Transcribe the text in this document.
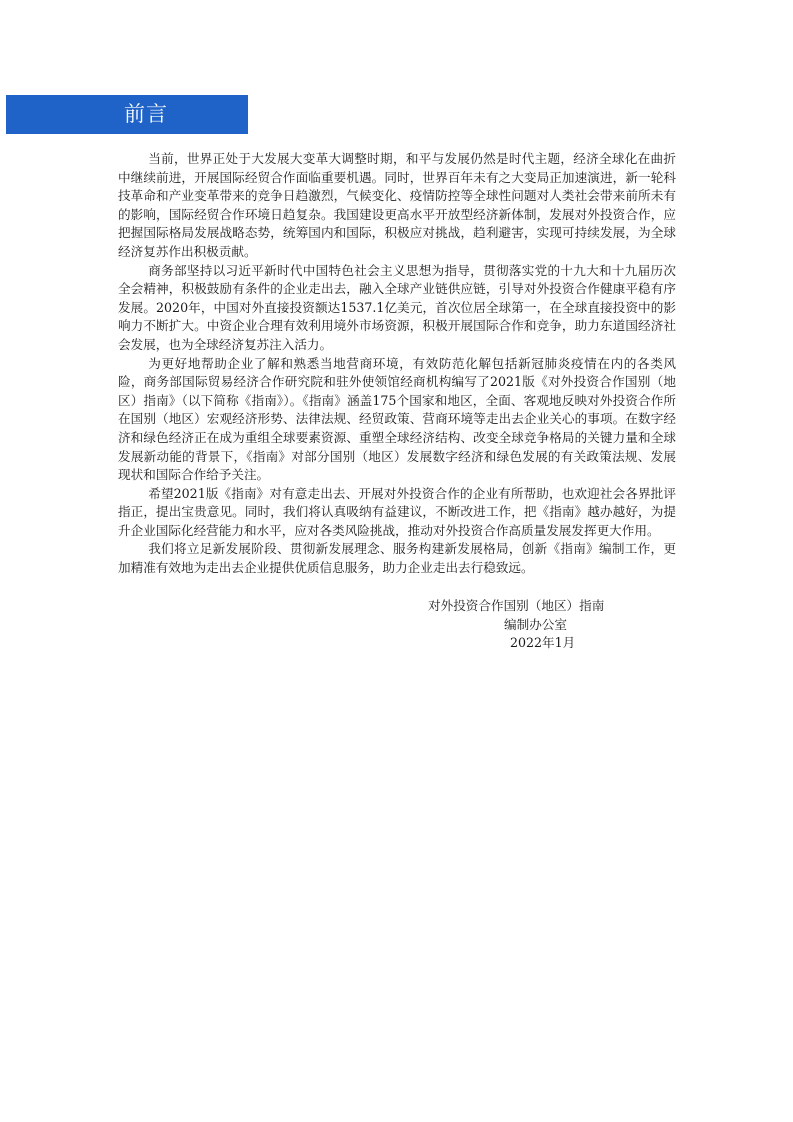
前言

当前，世界正处于大发展大变革大调整时期，和平与发展仍然是时代主题，经济全球化在曲折中继续前进，开展国际经贸合作面临重要机遇。同时，世界百年未有之大变局正加速演进，新一轮科技革命和产业变革带来的竞争日趋激烈，气候变化、疫情防控等全球性问题对人类社会带来前所未有的影响，国际经贸合作环境日趋复杂。我国建设更高水平开放型经济新体制，发展对外投资合作，应把握国际格局发展战略态势，统筹国内和国际，积极应对挑战，趋利避害，实现可持续发展，为全球经济复苏作出积极贡献。

商务部坚持以习近平新时代中国特色社会主义思想为指导，贯彻落实党的十九大和十九届历次全会精神，积极鼓励有条件的企业走出去，融入全球产业链供应链，引导对外投资合作健康平稳有序发展。2020年，中国对外直接投资额达1537.1亿美元，首次位居全球第一，在全球直接投资中的影响力不断扩大。中资企业合理有效利用境外市场资源，积极开展国际合作和竞争，助力东道国经济社会发展，也为全球经济复苏注入活力。

为更好地帮助企业了解和熟悉当地营商环境，有效防范化解包括新冠肺炎疫情在内的各类风险，商务部国际贸易经济合作研究院和驻外使领馆经商机构编写了2021版《对外投资合作国别（地区）指南》（以下简称《指南》）。《指南》涵盖175个国家和地区，全面、客观地反映对外投资合作所在国别（地区）宏观经济形势、法律法规、经贸政策、营商环境等走出去企业关心的事项。在数字经济和绿色经济正在成为重组全球要素资源、重塑全球经济结构、改变全球竞争格局的关键力量和全球发展新动能的背景下，《指南》对部分国别（地区）发展数字经济和绿色发展的有关政策法规、发展现状和国际合作给予关注。

希望2021版《指南》对有意走出去、开展对外投资合作的企业有所帮助，也欢迎社会各界批评指正，提出宝贵意见。同时，我们将认真吸纳有益建议，不断改进工作，把《指南》越办越好，为提升企业国际化经营能力和水平，应对各类风险挑战，推动对外投资合作高质量发展发挥更大作用。

我们将立足新发展阶段、贯彻新发展理念、服务构建新发展格局，创新《指南》编制工作，更加精准有效地为走出去企业提供优质信息服务，助力企业走出去行稳致远。

对外投资合作国别（地区）指南
编制办公室
2022年1月
